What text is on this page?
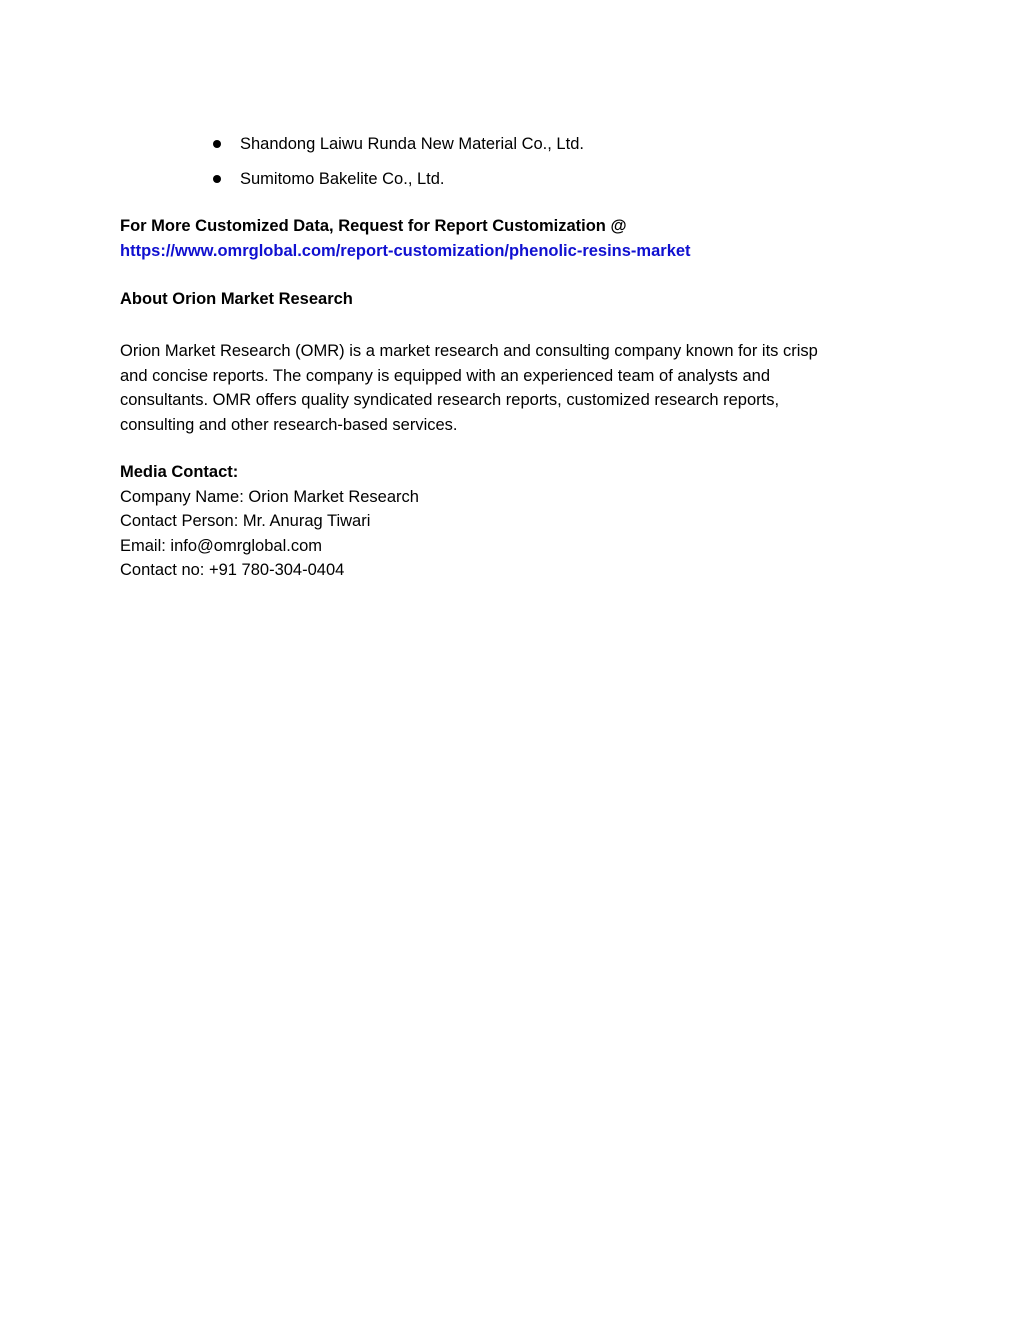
Shandong Laiwu Runda New Material Co., Ltd.
Sumitomo Bakelite Co., Ltd.
For More Customized Data, Request for Report Customization @
https://www.omrglobal.com/report-customization/phenolic-resins-market
About Orion Market Research
Orion Market Research (OMR) is a market research and consulting company known for its crisp
and concise reports. The company is equipped with an experienced team of analysts and
consultants. OMR offers quality syndicated research reports, customized research reports,
consulting and other research-based services.
Media Contact:
Company Name: Orion Market Research
Contact Person: Mr. Anurag Tiwari
Email: info@omrglobal.com
Contact no: +91 780-304-0404
